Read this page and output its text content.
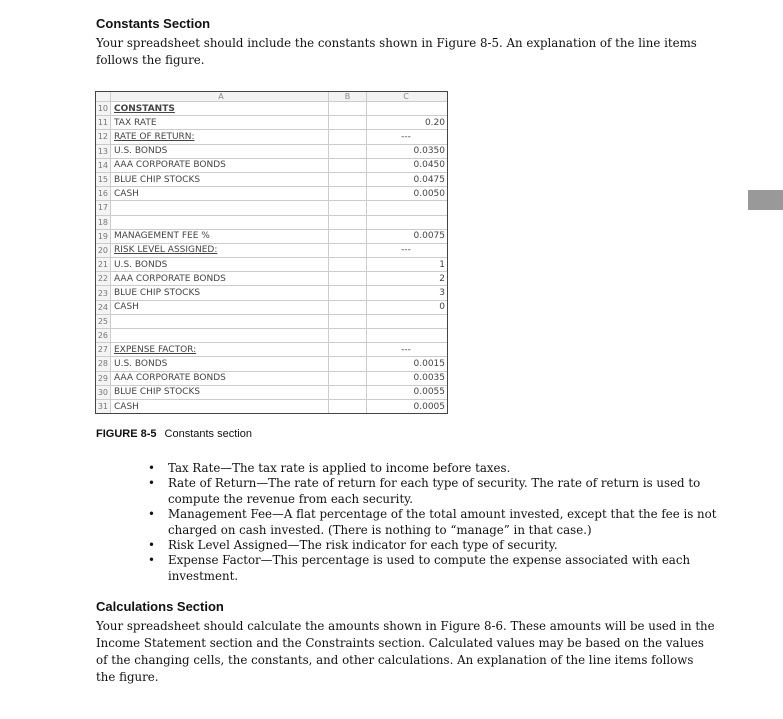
Constants Section
Your spreadsheet should include the constants shown in Figure 8-5. An explanation of the line items follows the figure.
A	B	C
10 CONSTANTS
11 TAX RATE	0.20
12 RATE OF RETURN:	---
13 U.S. BONDS	0.0350
14 AAA CORPORATE BONDS	0.0450
15 BLUE CHIP STOCKS	0.0475
16 CASH	0.0050
17
18
19 MANAGEMENT FEE %	0.0075
20 RISK LEVEL ASSIGNED:	---
21 U.S. BONDS	1
22 AAA CORPORATE BONDS	2
23 BLUE CHIP STOCKS	3
24 CASH	0
25
26
27 EXPENSE FACTOR:	---
28 U.S. BONDS	0.0015
29 AAA CORPORATE BONDS	0.0035
30 BLUE CHIP STOCKS	0.0055
31 CASH	0.0005
FIGURE 8-5 Constants section
• Tax Rate—The tax rate is applied to income before taxes.
• Rate of Return—The rate of return for each type of security. The rate of return is used to compute the revenue from each security.
• Management Fee—A flat percentage of the total amount invested, except that the fee is not charged on cash invested. (There is nothing to “manage” in that case.)
• Risk Level Assigned—The risk indicator for each type of security.
• Expense Factor—This percentage is used to compute the expense associated with each investment.
Calculations Section
Your spreadsheet should calculate the amounts shown in Figure 8-6. These amounts will be used in the Income Statement section and the Constraints section. Calculated values may be based on the values of the changing cells, the constants, and other calculations. An explanation of the line items follows the figure.
